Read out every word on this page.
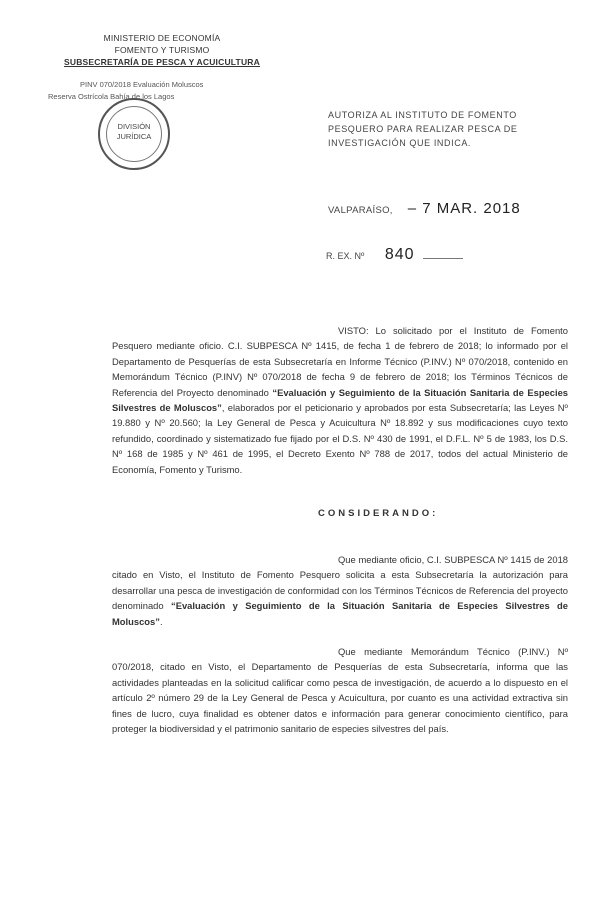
MINISTERIO DE ECONOMÍA
FOMENTO Y TURISMO
SUBSECRETARÍA DE PESCA Y ACUICULTURA
PINV 070/2018 Evaluación Moluscos
Reserva Ostrícola Bahía de los Lagos
DIVISIÓN
JURÍDICA
AUTORIZA AL INSTITUTO DE FOMENTO PESQUERO PARA REALIZAR PESCA DE INVESTIGACIÓN QUE INDICA.
VALPARAÍSO, – 7 MAR. 2018
R. EX. Nº 840
VISTO: Lo solicitado por el Instituto de Fomento Pesquero mediante oficio. C.I. SUBPESCA Nº 1415, de fecha 1 de febrero de 2018; lo informado por el Departamento de Pesquerías de esta Subsecretaría en Informe Técnico (P.INV.) Nº 070/2018, contenido en Memorándum Técnico (P.INV) Nº 070/2018 de fecha 9 de febrero de 2018; los Términos Técnicos de Referencia del Proyecto denominado “Evaluación y Seguimiento de la Situación Sanitaria de Especies Silvestres de Moluscos”, elaborados por el peticionario y aprobados por esta Subsecretaría; las Leyes Nº 19.880 y Nº 20.560; la Ley General de Pesca y Acuicultura Nº 18.892 y sus modificaciones cuyo texto refundido, coordinado y sistematizado fue fijado por el D.S. Nº 430 de 1991, el D.F.L. Nº 5 de 1983, los D.S. Nº 168 de 1985 y Nº 461 de 1995, el Decreto Exento Nº 788 de 2017, todos del actual Ministerio de Economía, Fomento y Turismo.
CONSIDERANDO:
Que mediante oficio, C.I. SUBPESCA Nº 1415 de 2018 citado en Visto, el Instituto de Fomento Pesquero solicita a esta Subsecretaría la autorización para desarrollar una pesca de investigación de conformidad con los Términos Técnicos de Referencia del proyecto denominado “Evaluación y Seguimiento de la Situación Sanitaria de Especies Silvestres de Moluscos”.
Que mediante Memorándum Técnico (P.INV.) Nº 070/2018, citado en Visto, el Departamento de Pesquerías de esta Subsecretaría, informa que las actividades planteadas en la solicitud calificar como pesca de investigación, de acuerdo a lo dispuesto en el artículo 2º número 29 de la Ley General de Pesca y Acuicultura, por cuanto es una actividad extractiva sin fines de lucro, cuya finalidad es obtener datos e información para generar conocimiento científico, para proteger la biodiversidad y el patrimonio sanitario de especies silvestres del país.
